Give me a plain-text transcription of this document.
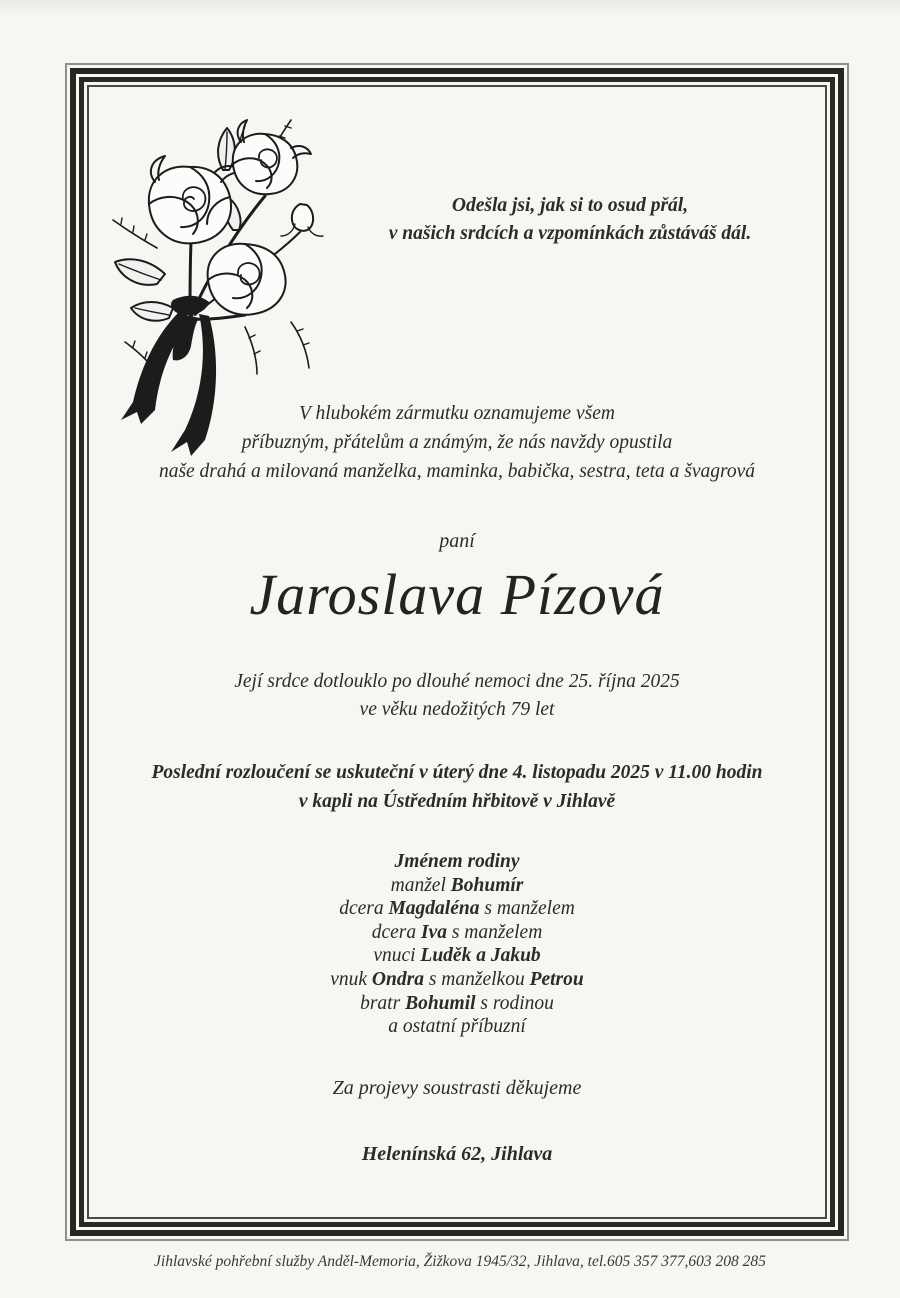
Odešla jsi, jak si to osud přál,
v našich srdcích a vzpomínkách zůstáváš dál.
V hlubokém zármutku oznamujeme všem
příbuzným, přátelům a známým, že nás navždy opustila
naše drahá a milovaná manželka, maminka, babička, sestra, teta a švagrová
paní
Jaroslava Pízová
Její srdce dotlouklo po dlouhé nemoci dne 25. října 2025
ve věku nedožitých 79 let
Poslední rozloučení se uskuteční v úterý dne 4. listopadu 2025 v 11.00 hodin
v kapli na Ústředním hřbitově v Jihlavě
Jménem rodiny
manžel Bohumír
dcera Magdaléna s manželem
dcera Iva s manželem
vnuci Luděk a Jakub
vnuk Ondra s manželkou Petrou
bratr Bohumil s rodinou
a ostatní příbuzní
Za projevy soustrasti děkujeme
Helenínská 62, Jihlava
Jihlavské pohřební služby Anděl-Memoria, Žižkova 1945/32, Jihlava, tel.605 357 377,603 208 285
